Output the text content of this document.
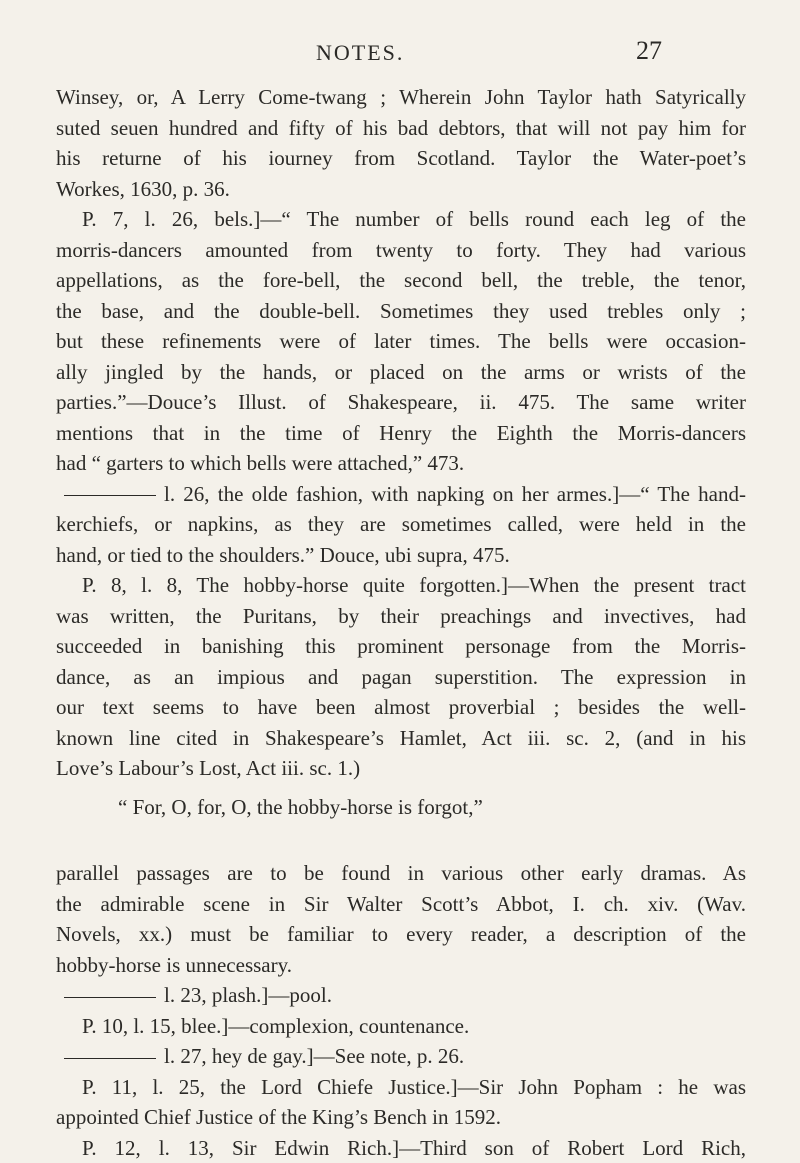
NOTES.	27
Winsey, or, A Lerry Come-twang ; Wherein John Taylor hath Satyrically
suted seuen hundred and fifty of his bad debtors, that will not pay him for
his returne of his iourney from Scotland. Taylor the Water-poet’s
Workes, 1630, p. 36.
P. 7, l. 26, bels.]—“ The number of bells round each leg of the
morris-dancers amounted from twenty to forty. They had various
appellations, as the fore-bell, the second bell, the treble, the tenor,
the base, and the double-bell. Sometimes they used trebles only ;
but these refinements were of later times. The bells were occasion-
ally jingled by the hands, or placed on the arms or wrists of the
parties.”—Douce’s Illust. of Shakespeare, ii. 475. The same writer
mentions that in the time of Henry the Eighth the Morris-dancers
had “ garters to which bells were attached,” 473.
l. 26, the olde fashion, with napking on her armes.]—“ The hand-
kerchiefs, or napkins, as they are sometimes called, were held in the
hand, or tied to the shoulders.” Douce, ubi supra, 475.
P. 8, l. 8, The hobby-horse quite forgotten.]—When the present tract
was written, the Puritans, by their preachings and invectives, had
succeeded in banishing this prominent personage from the Morris-
dance, as an impious and pagan superstition. The expression in
our text seems to have been almost proverbial ; besides the well-
known line cited in Shakespeare’s Hamlet, Act iii. sc. 2, (and in his
Love’s Labour’s Lost, Act iii. sc. 1.)
“ For, O, for, O, the hobby-horse is forgot,”
parallel passages are to be found in various other early dramas. As
the admirable scene in Sir Walter Scott’s Abbot, I. ch. xiv. (Wav.
Novels, xx.) must be familiar to every reader, a description of the
hobby-horse is unnecessary.
l. 23, plash.]—pool.
P. 10, l. 15, blee.]—complexion, countenance.
l. 27, hey de gay.]—See note, p. 26.
P. 11, l. 25, the Lord Chiefe Justice.]—Sir John Popham : he was
appointed Chief Justice of the King’s Bench in 1592.
P. 12, l. 13, Sir Edwin Rich.]—Third son of Robert Lord Rich,
